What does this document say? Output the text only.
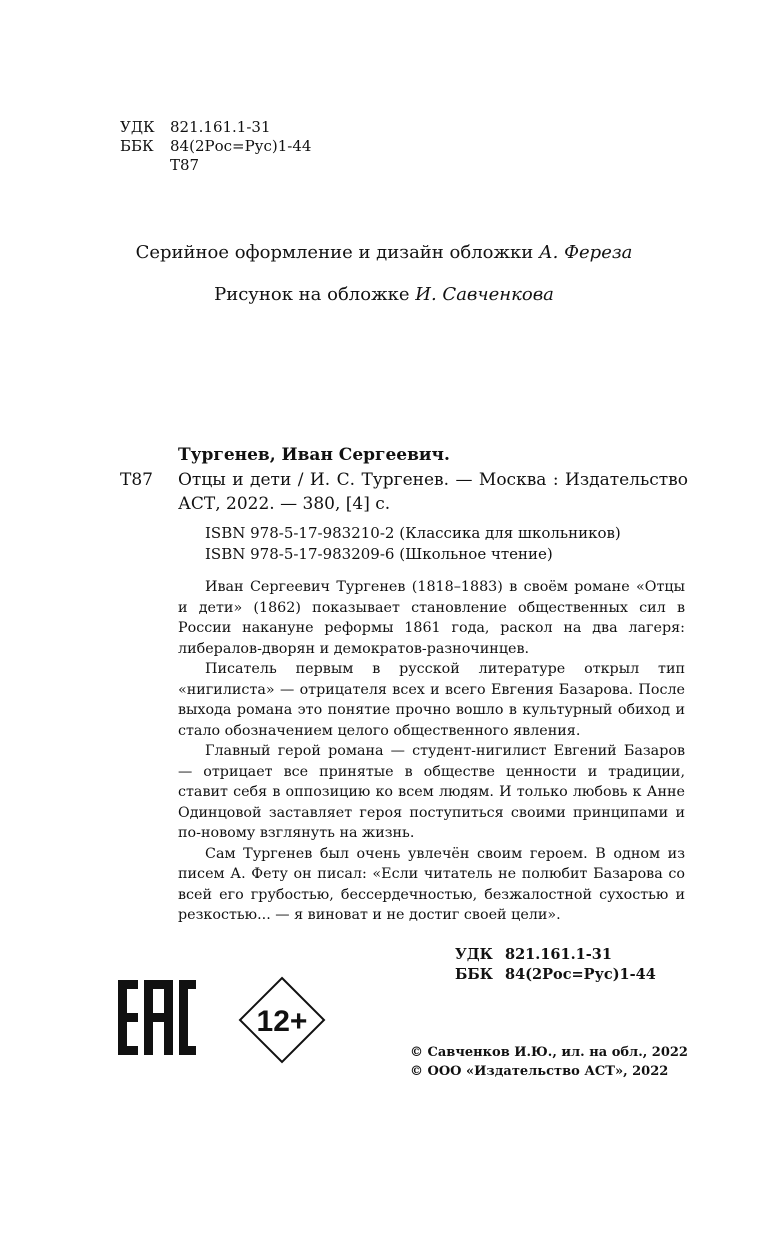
УДК	821.161.1-31
ББК	84(2Рос=Рус)1-44
Т87
Серийное оформление и дизайн обложки А. Фереза
Рисунок на обложке И. Савченкова
Тургенев, Иван Сергеевич.
Т87 Отцы и дети / И. С. Тургенев. — Москва : Издательство АСТ, 2022. — 380, [4] с.
ISBN 978-5-17-983210-2 (Классика для школьников)
ISBN 978-5-17-983209-6 (Школьное чтение)

Иван Сергеевич Тургенев (1818–1883) в своём романе «Отцы и дети» (1862) показывает становление общественных сил в России накануне реформы 1861 года, раскол на два лагеря: либералов-дворян и демократов-разночинцев.

Писатель первым в русской литературе открыл тип «нигилиста» — отрицателя всех и всего Евгения Базарова. После выхода романа это понятие прочно вошло в культурный обиход и стало обозначением целого общественного явления.

Главный герой романа — студент-нигилист Евгений Базаров — отрицает все принятые в обществе ценности и традиции, ставит себя в оппозицию ко всем людям. И только любовь к Анне Одинцовой заставляет героя поступиться своими принципами и по-новому взглянуть на жизнь.

Сам Тургенев был очень увлечён своим героем. В одном из писем А. Фету он писал: «Если читатель не полюбит Базарова со всей его грубостью, бессердечностью, безжалостной сухостью и резкостью... — я виноват и не достиг своей цели».

УДК 821.161.1-31
ББК 84(2Рос=Рус)1-44
12+
© Савченков И.Ю., ил. на обл., 2022
© ООО «Издательство АСТ», 2022
